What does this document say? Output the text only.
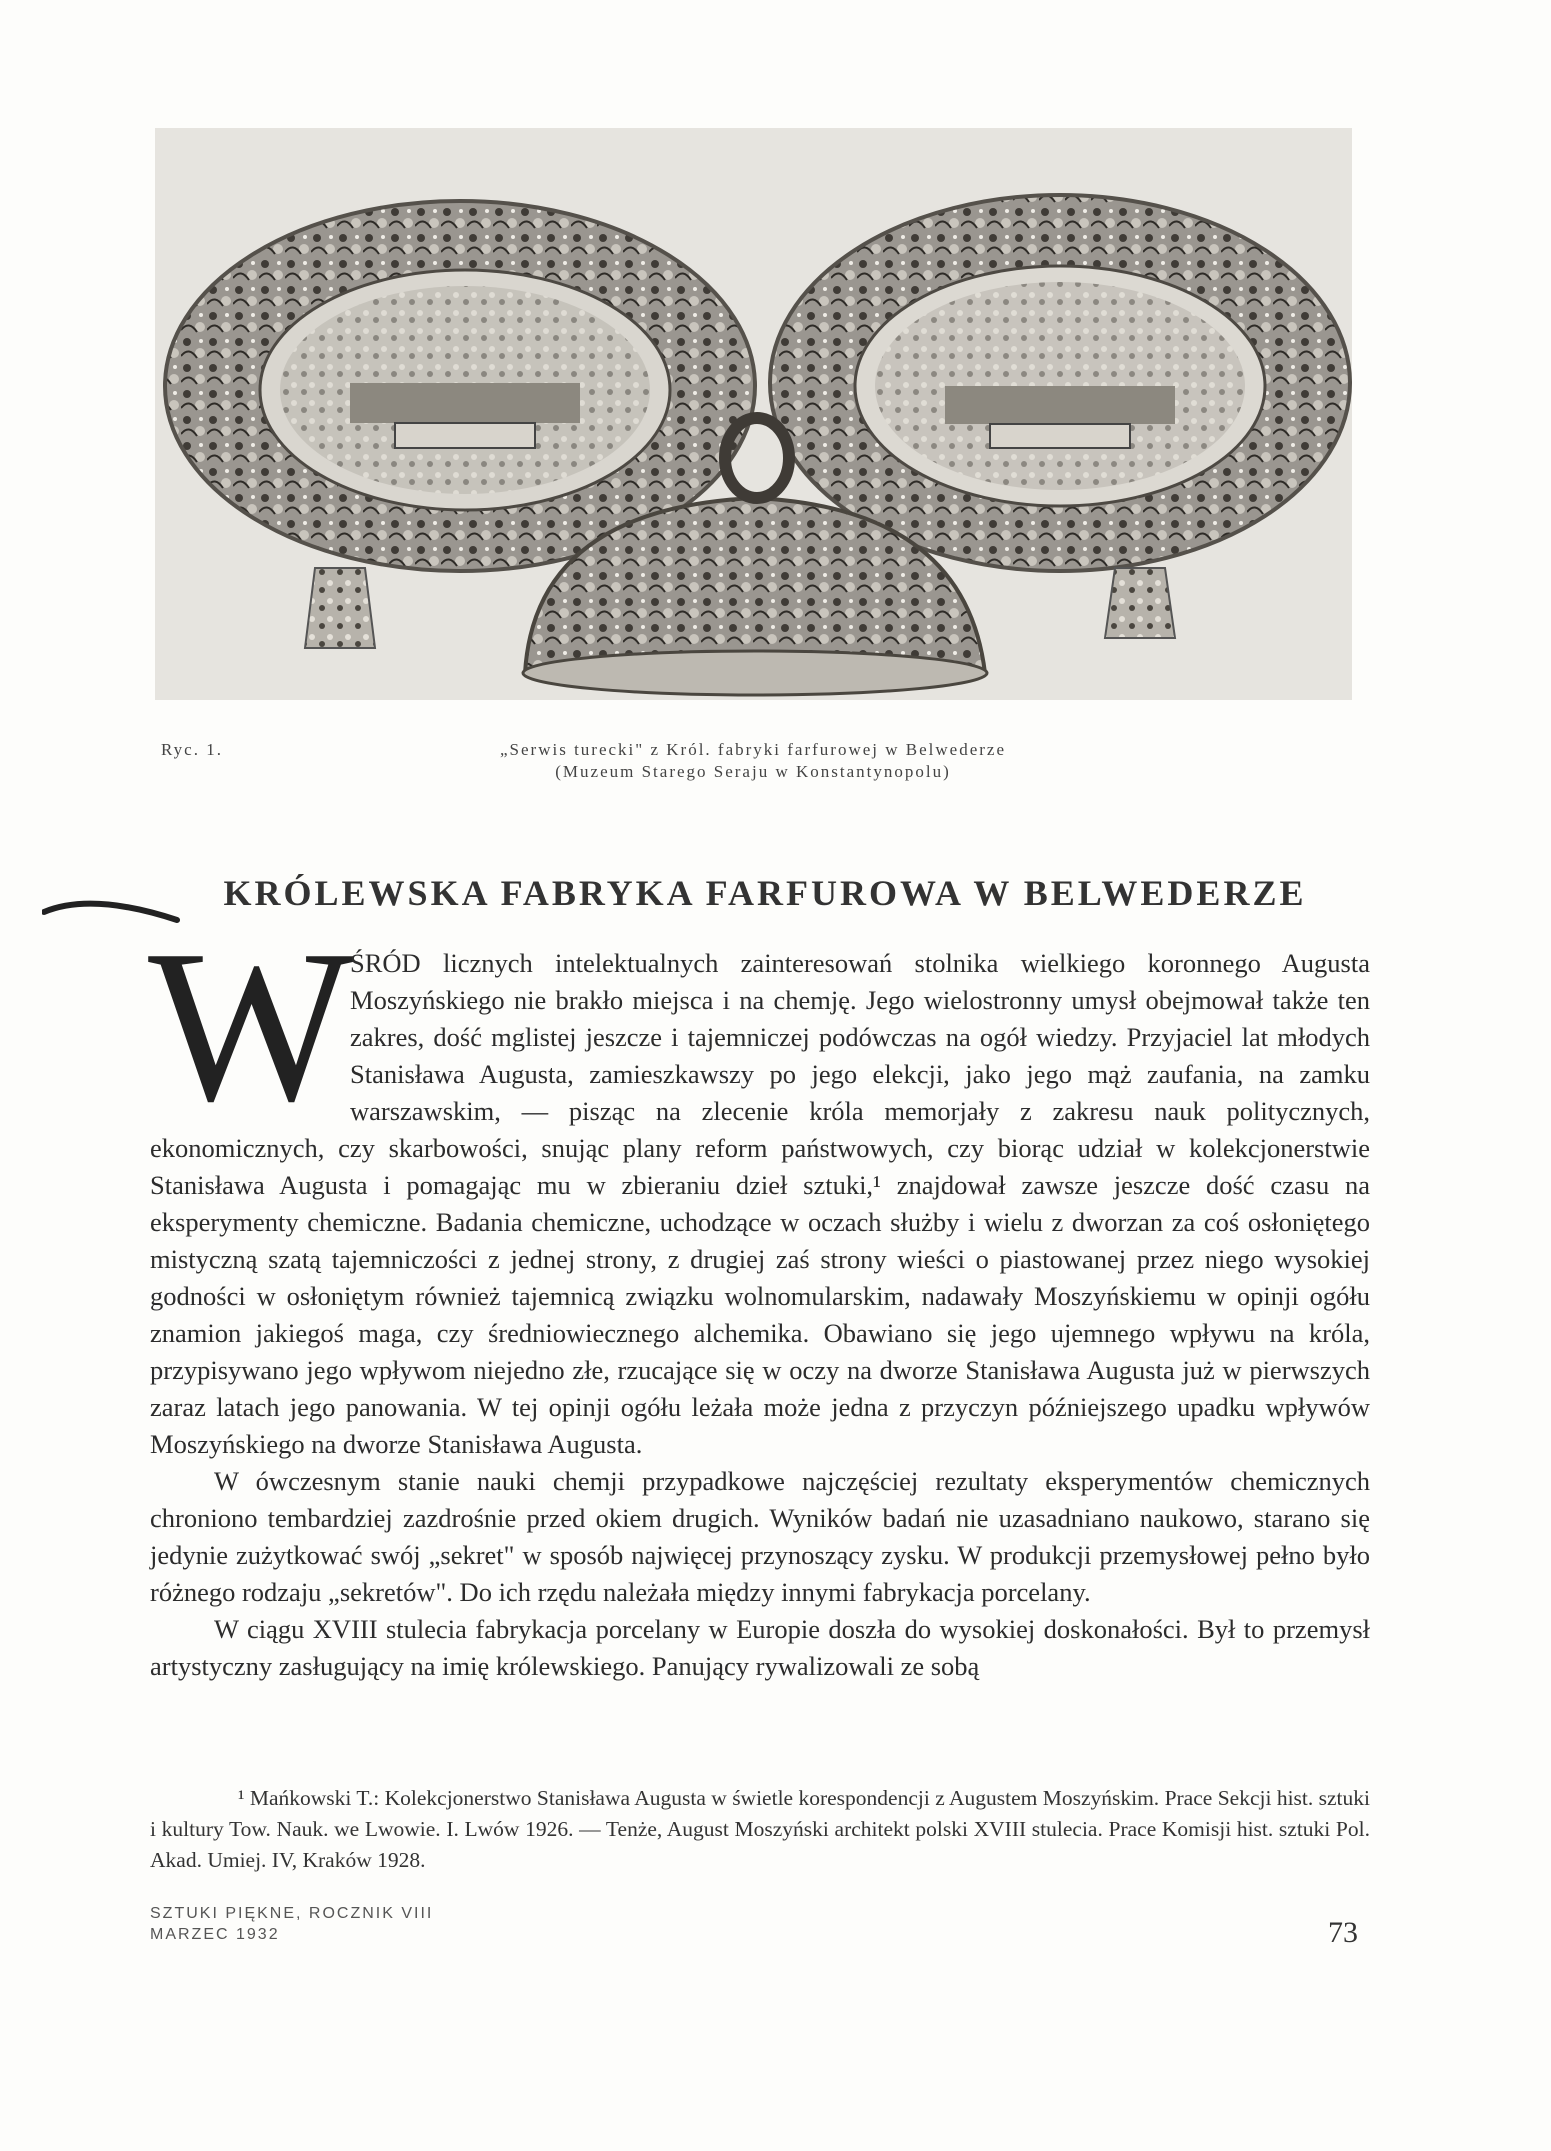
Ryc. 1.	„Serwis turecki" z Król. fabryki farfurowej w Belwederze
(Muzeum Starego Seraju w Konstantynopolu)
KRÓLEWSKA FABRYKA FARFUROWA W BELWEDERZE
W

ŚRÓD licznych intelektualnych zainteresowań stolnika wielkiego koronnego Augusta Moszyńskiego nie brakło miejsca i na chemję. Jego wielostronny umysł obejmował także ten zakres, dość mglistej jeszcze i tajemniczej podówczas na ogół wiedzy. Przyjaciel lat młodych Stanisława Augusta, zamieszkawszy po jego elekcji, jako jego mąż zaufania, na zamku warszawskim, — pisząc na zlecenie króla memorjały z zakresu nauk politycznych, ekonomicznych, czy skarbowości, snując plany reform państwowych, czy biorąc udział w kolekcjonerstwie Stanisława Augusta i pomagając mu w zbieraniu dzieł sztuki,¹ znajdował zawsze jeszcze dość czasu na eksperymenty chemiczne. Badania chemiczne, uchodzące w oczach służby i wielu z dworzan za coś osłoniętego mistyczną szatą tajemniczości z jednej strony, z drugiej zaś strony wieści o piastowanej przez niego wysokiej godności w osłoniętym również tajemnicą związku wolnomularskim, nadawały Moszyńskiemu w opinji ogółu znamion jakiegoś maga, czy średniowiecznego alchemika. Obawiano się jego ujemnego wpływu na króla, przypisywano jego wpływom niejedno złe, rzucające się w oczy na dworze Stanisława Augusta już w pierwszych zaraz latach jego panowania. W tej opinji ogółu leżała może jedna z przyczyn późniejszego upadku wpływów Moszyńskiego na dworze Stanisława Augusta.

W ówczesnym stanie nauki chemji przypadkowe najczęściej rezultaty eksperymentów chemicznych chroniono tembardziej zazdrośnie przed okiem drugich. Wyników badań nie uzasadniano naukowo, starano się jedynie zużytkować swój „sekret" w sposób najwięcej przynoszący zysku. W produkcji przemysłowej pełno było różnego rodzaju „sekretów". Do ich rzędu należała między innymi fabrykacja porcelany.

W ciągu XVIII stulecia fabrykacja porcelany w Europie doszła do wysokiej doskonałości. Był to przemysł artystyczny zasługujący na imię królewskiego. Panujący rywalizowali ze sobą

¹ Mańkowski T.: Kolekcjonerstwo Stanisława Augusta w świetle korespondencji z Augustem Moszyńskim. Prace Sekcji hist. sztuki i kultury Tow. Nauk. we Lwowie. I. Lwów 1926. — Tenże, August Moszyński architekt polski XVIII stulecia. Prace Komisji hist. sztuki Pol. Akad. Umiej. IV, Kraków 1928.

SZTUKI PIĘKNE, ROCZNIK VIII
MARZEC 1932	73
